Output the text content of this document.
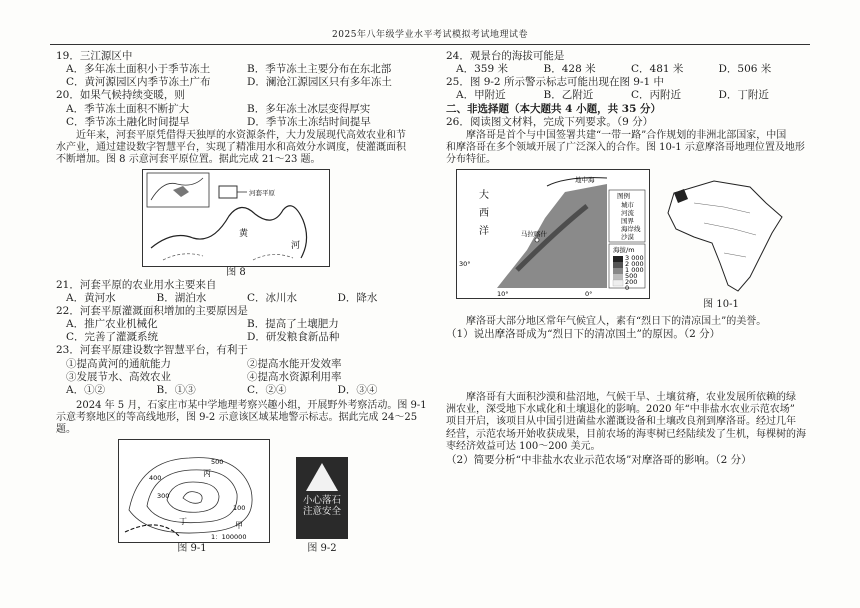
2025年八年级学业水平考试模拟考试地理试卷
19．三江源区中
A．多年冻土面积小于季节冻土	B．季节冻土主要分布在东北部
C．黄河源园区内季节冻土广布	D．澜沧江源园区只有多年冻土
20．如果气候持续变暖，则
A．季节冻土面积不断扩大	B．多年冻土冰层变得厚实
C．季节冻土融化时间提早	D．季节冻土冻结时间提早
近年来，河套平原凭借得天独厚的水资源条件，大力发展现代高效农业和节
水产业，通过建设数字智慧平台，实现了精准用水和高效分水调度，使灌溉面积
不断增加。图 8 示意河套平原位置。据此完成 21～23 题。
河套平原
黄
河
图 8
21．河套平原的农业用水主要来自
A．黄河水	B．湖泊水	C．冰川水	D．降水
22．河套平原灌溉面积增加的主要原因是
A．推广农业机械化	B．提高了土壤肥力
C．完善了灌溉系统	D．研发粮食新品种
23．河套平原建设数字智慧平台，有利于
①提高黄河的通航能力	②提高水能开发效率
③发展节水、高效农业	④提高水资源利用率
A．①②	B．①③	C．②④	D．③④
2024 年 5 月，石家庄市某中学地理考察兴趣小组，开展野外考察活动。图 9-1
示意考察地区的等高线地形，图 9-2 示意该区域某地警示标志。据此完成 24～25
题。
500
400
300
100
丙
丁	甲
1：100000
图 9-1
小心落石
注意安全
图 9-2
24．观景台的海拔可能是
A．359 米	B．428 米	C．481 米	D．506 米
25．图 9-2 所示警示标志可能出现在图 9-1 中
A．甲附近	B．乙附近	C．丙附近	D．丁附近
二、非选择题（本大题共 4 小题，共 35 分）
26．阅读图文材料，完成下列要求。（9 分）
摩洛哥是首个与中国签署共建“一带一路”合作规划的非洲北部国家，中国
和摩洛哥在多个领域开展了广泛深入的合作。图 10-1 示意摩洛哥地理位置及地形
分布特征。
大
西
洋
地中海
马拉喀什
30°
10°	0°
图例
城市
河流
国界
海岸线
沙漠
海拔/m
3 000
2 000
1 000
500
200
0
图 10-1
摩洛哥大部分地区常年气候宜人，素有“烈日下的清凉国土”的美誉。
（1）说出摩洛哥成为“烈日下的清凉国土”的原因。（2 分）
摩洛哥有大面积沙漠和盐沼地，气候干旱、土壤贫瘠，农业发展所依赖的绿
洲农业，深受地下水咸化和土壤退化的影响。2020 年“中非盐水农业示范农场”
项目开启，该项目从中国引进菌盐水灌溉设备和土壤改良剂到摩洛哥。经过几年
经营，示范农场开始收获成果，目前农场的海枣树已经陆续发了生机，每棵树的海
枣经济效益可达 100～200 美元。
（2）简要分析“中非盐水农业示范农场”对摩洛哥的影响。（2 分）
